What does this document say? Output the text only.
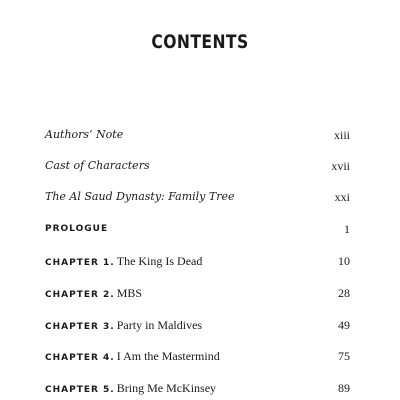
CONTENTS
Authors’ Note	xiii
Cast of Characters	xvii
The Al Saud Dynasty: Family Tree	xxi
PROLOGUE	1
CHAPTER 1. The King Is Dead	10
CHAPTER 2. MBS	28
CHAPTER 3. Party in Maldives	49
CHAPTER 4. I Am the Mastermind	75
CHAPTER 5. Bring Me McKinsey	89
